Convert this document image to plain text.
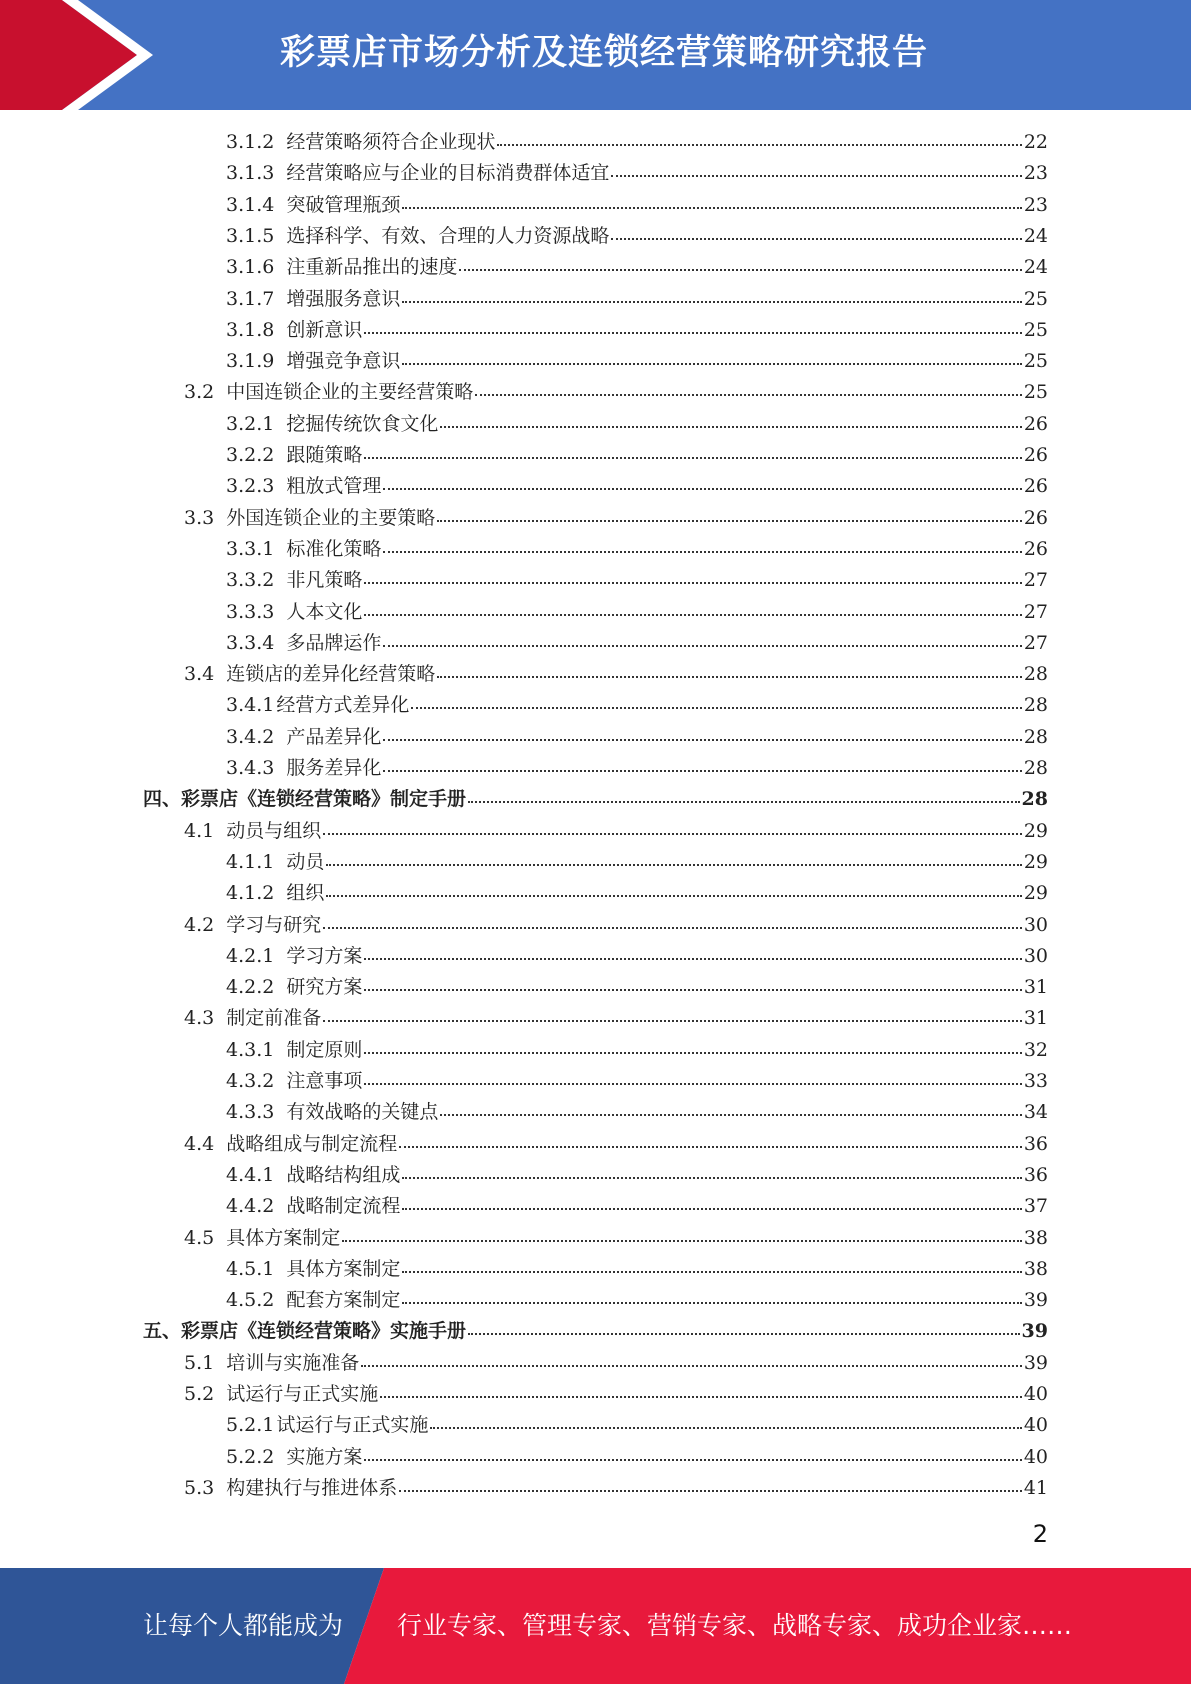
彩票店市场分析及连锁经营策略研究报告
3.1.2 经营策略须符合企业现状	22
3.1.3 经营策略应与企业的目标消费群体适宜	23
3.1.4 突破管理瓶颈	23
3.1.5 选择科学、有效、合理的人力资源战略	24
3.1.6 注重新品推出的速度	24
3.1.7 增强服务意识	25
3.1.8 创新意识	25
3.1.9 增强竞争意识	25
3.2 中国连锁企业的主要经营策略	25
3.2.1 挖掘传统饮食文化	26
3.2.2 跟随策略	26
3.2.3 粗放式管理	26
3.3 外国连锁企业的主要策略	26
3.3.1 标准化策略	26
3.3.2 非凡策略	27
3.3.3 人本文化	27
3.3.4 多品牌运作	27
3.4 连锁店的差异化经营策略	28
3.4.1 经营方式差异化	28
3.4.2 产品差异化	28
3.4.3 服务差异化	28
四、彩票店《连锁经营策略》制定手册	28
4.1 动员与组织	29
4.1.1 动员	29
4.1.2 组织	29
4.2 学习与研究	30
4.2.1 学习方案	30
4.2.2 研究方案	31
4.3 制定前准备	31
4.3.1 制定原则	32
4.3.2 注意事项	33
4.3.3 有效战略的关键点	34
4.4 战略组成与制定流程	36
4.4.1 战略结构组成	36
4.4.2 战略制定流程	37
4.5 具体方案制定	38
4.5.1 具体方案制定	38
4.5.2 配套方案制定	39
五、彩票店《连锁经营策略》实施手册	39
5.1 培训与实施准备	39
5.2 试运行与正式实施	40
5.2.1 试运行与正式实施	40
5.2.2 实施方案	40
5.3 构建执行与推进体系	41
2
让每个人都能成为 行业专家、管理专家、营销专家、战略专家、成功企业家……
